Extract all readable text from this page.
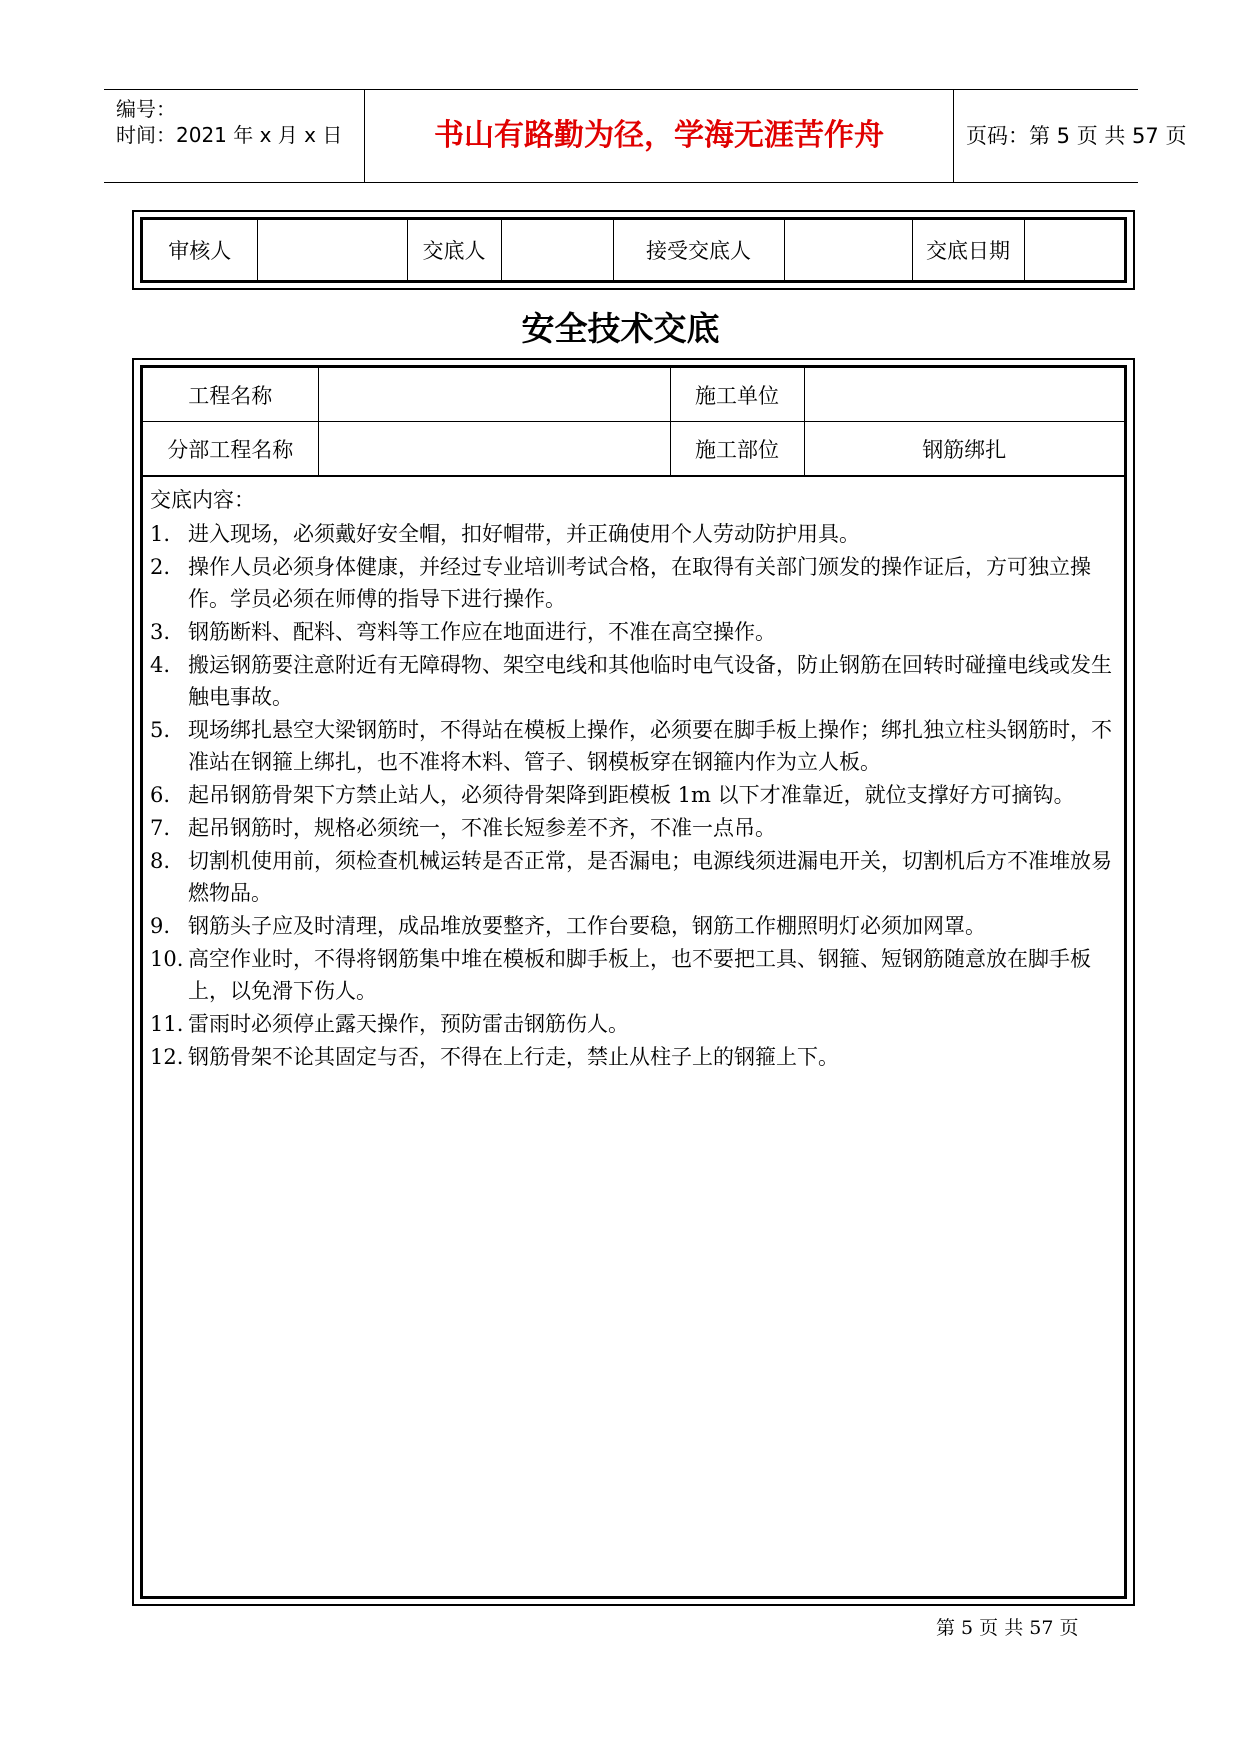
编号：
时间：2021 年 x 月 x 日	书山有路勤为径，学海无涯苦作舟	页码：第 5 页 共 57 页
审核人		交底人		接受交底人		交底日期	
安全技术交底
工程名称		施工单位	
分部工程名称		施工部位	钢筋绑扎
交底内容：
1. 进入现场，必须戴好安全帽，扣好帽带，并正确使用个人劳动防护用具。
2. 操作人员必须身体健康，并经过专业培训考试合格，在取得有关部门颁发的操作证后，方可独立操作。学员必须在师傅的指导下进行操作。
3. 钢筋断料、配料、弯料等工作应在地面进行，不准在高空操作。
4. 搬运钢筋要注意附近有无障碍物、架空电线和其他临时电气设备，防止钢筋在回转时碰撞电线或发生触电事故。
5. 现场绑扎悬空大梁钢筋时，不得站在模板上操作，必须要在脚手板上操作；绑扎独立柱头钢筋时，不准站在钢箍上绑扎，也不准将木料、管子、钢模板穿在钢箍内作为立人板。
6. 起吊钢筋骨架下方禁止站人，必须待骨架降到距模板 1m 以下才准靠近，就位支撑好方可摘钩。
7. 起吊钢筋时，规格必须统一，不准长短参差不齐，不准一点吊。
8. 切割机使用前，须检查机械运转是否正常，是否漏电；电源线须进漏电开关，切割机后方不准堆放易燃物品。
9. 钢筋头子应及时清理，成品堆放要整齐，工作台要稳，钢筋工作棚照明灯必须加网罩。
10. 高空作业时，不得将钢筋集中堆在模板和脚手板上，也不要把工具、钢箍、短钢筋随意放在脚手板上，以免滑下伤人。
11. 雷雨时必须停止露天操作，预防雷击钢筋伤人。
12. 钢筋骨架不论其固定与否，不得在上行走，禁止从柱子上的钢箍上下。
第 5 页 共 57 页
